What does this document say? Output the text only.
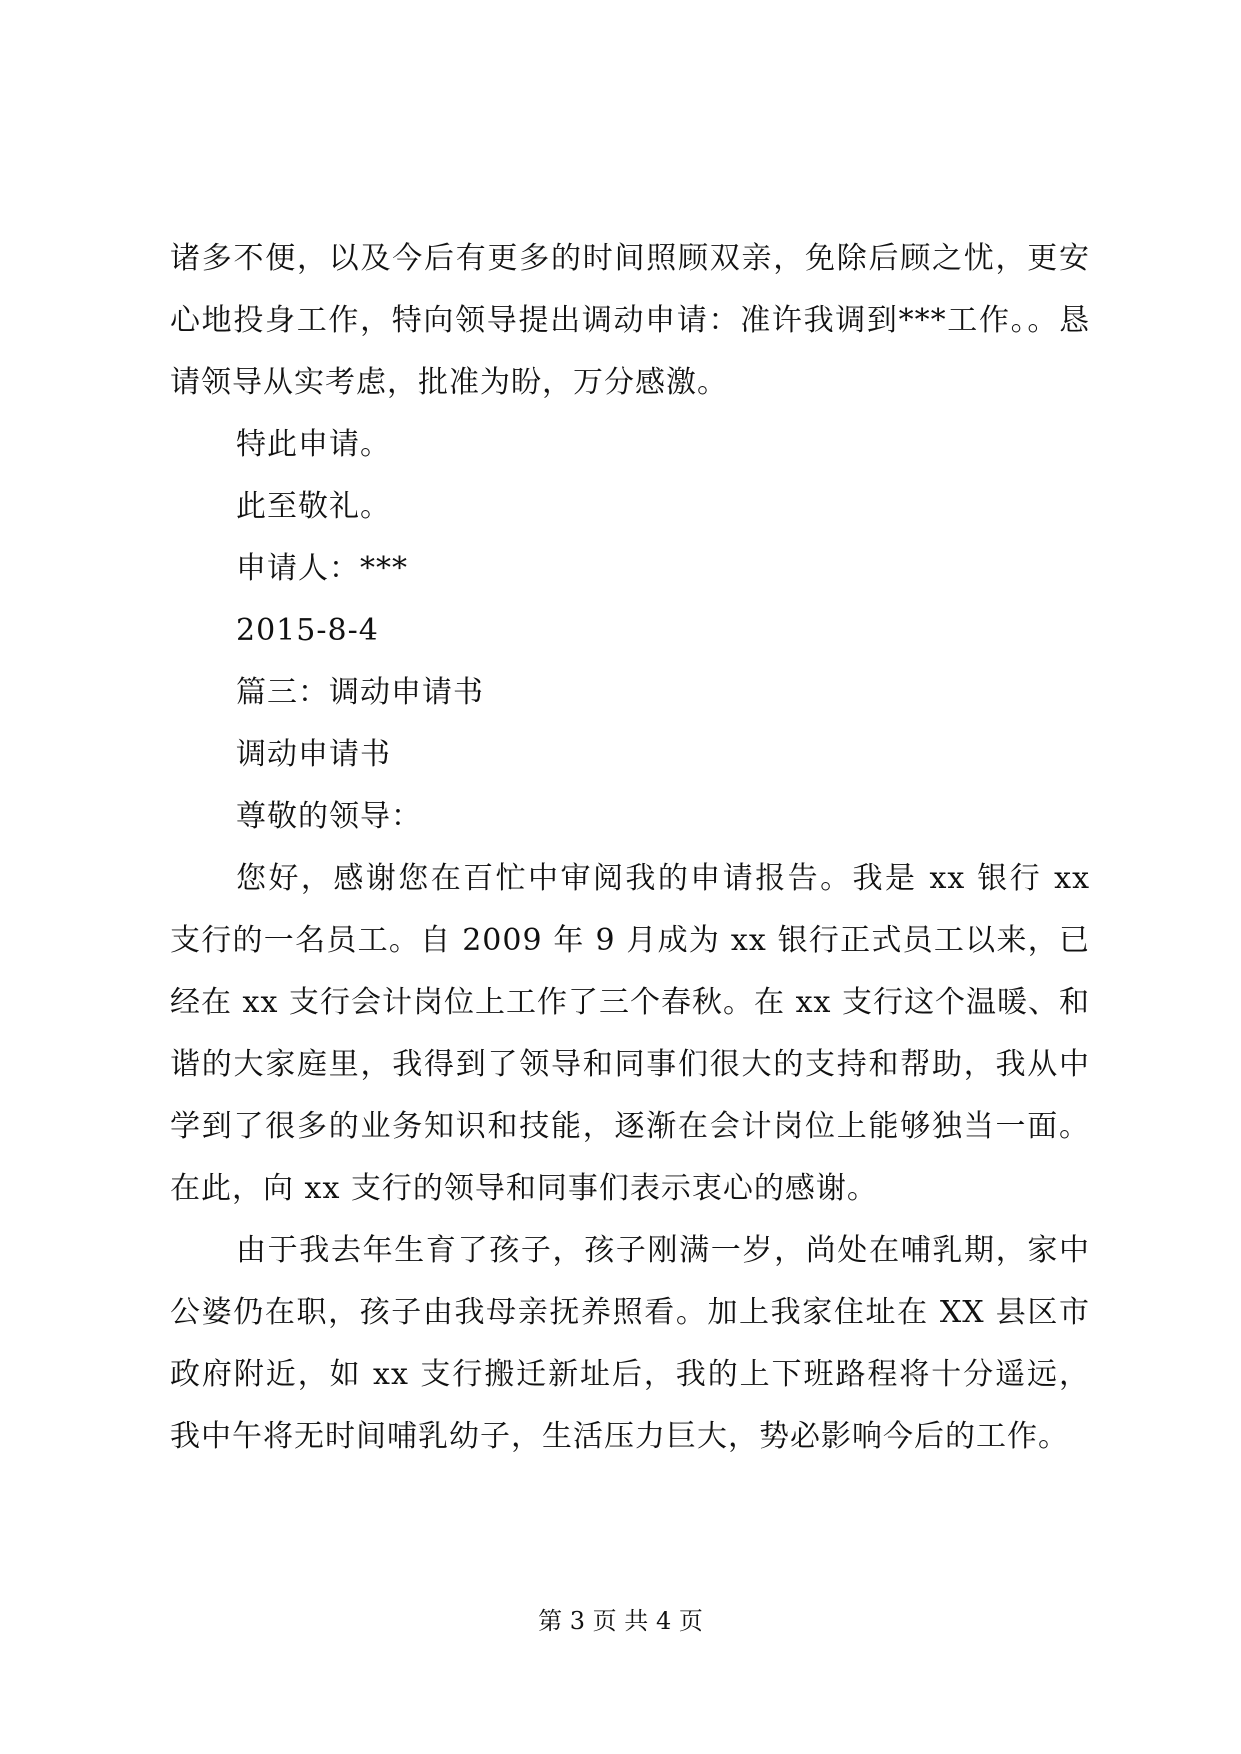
诸多不便，以及今后有更多的时间照顾双亲，免除后顾之忧，更安心地投身工作，特向领导提出调动申请：准许我调到***工作。。恳请领导从实考虑，批准为盼，万分感激。

特此申请。

此至敬礼。

申请人：***

2015-8-4

篇三：调动申请书

调动申请书

尊敬的领导：

您好，感谢您在百忙中审阅我的申请报告。我是 xx 银行 xx 支行的一名员工。自 2009 年 9 月成为 xx 银行正式员工以来，已经在 xx 支行会计岗位上工作了三个春秋。在 xx 支行这个温暖、和谐的大家庭里，我得到了领导和同事们很大的支持和帮助，我从中学到了很多的业务知识和技能，逐渐在会计岗位上能够独当一面。在此，向 xx 支行的领导和同事们表示衷心的感谢。

由于我去年生育了孩子，孩子刚满一岁，尚处在哺乳期，家中公婆仍在职，孩子由我母亲抚养照看。加上我家住址在 XX 县区市政府附近，如 xx 支行搬迁新址后，我的上下班路程将十分遥远，我中午将无时间哺乳幼子，生活压力巨大，势必影响今后的工作。

第 3 页 共 4 页
